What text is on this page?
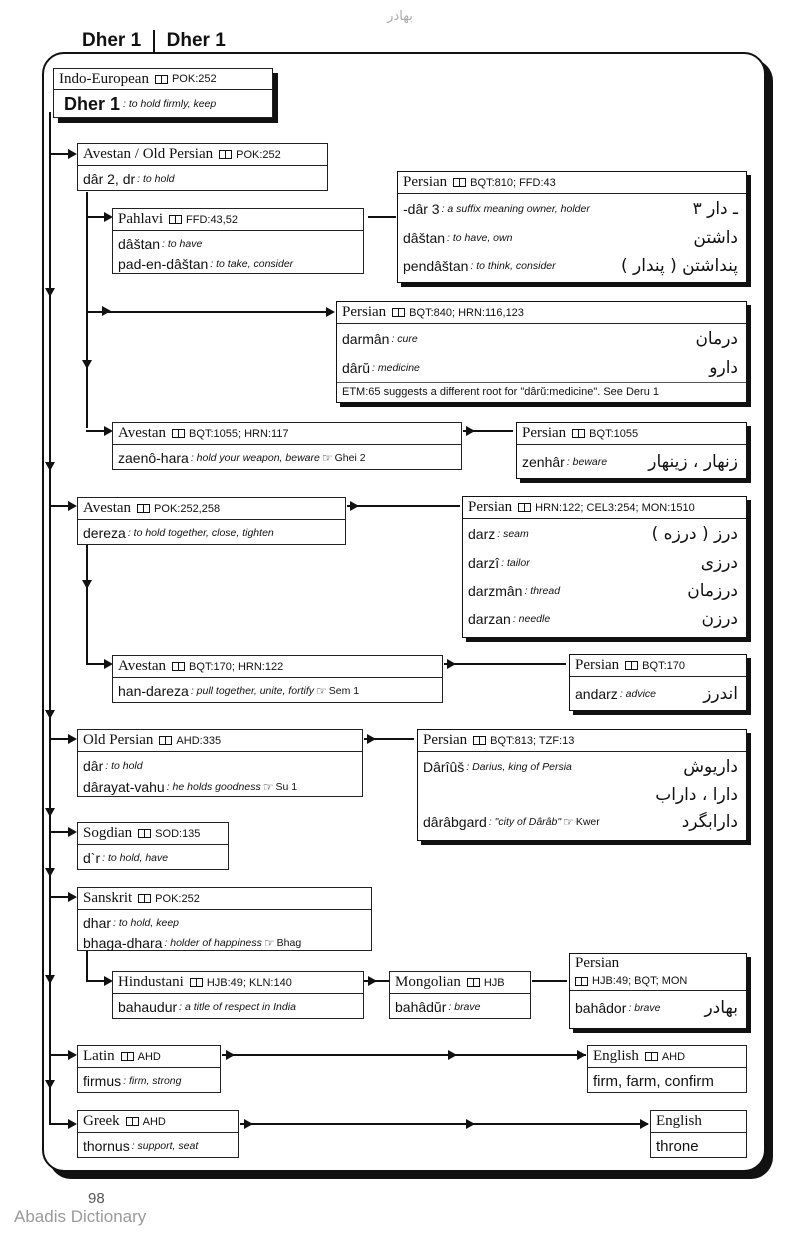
بهادر
Dher 1 Dher 1
Indo-European POK:252
Dher 1 : to hold firmly, keep
Avestan / Old Persian POK:252
dâr 2, dr : to hold
Pahlavi FFD:43,52
dâštan : to have
pad-en-dâštan : to take, consider
Persian BQT:810; FFD:43
-dâr 3 : a suffix meaning owner, holder	ـ دار ۳
dâštan : to have, own	داشتن
pendâštan : to think, consider	پنداشتن ( پندار )
Persian BQT:840; HRN:116,123
darmân : cure	درمان
dârŭ : medicine	دارو
ETM:65 suggests a different root for "dârŭ:medicine". See Deru 1
Avestan BQT:1055; HRN:117
zaenô-hara : hold your weapon, beware ☞ Ghei 2
Persian BQT:1055
zenhâr : beware زنهار ، زینهار
Avestan POK:252,258
dereza : to hold together, close, tighten
Persian HRN:122; CEL3:254; MON:1510
darz : seam	درز ( درزه )
darzî : tailor	درزی
darzmân : thread	درزمان
darzan : needle	درزن
Avestan BQT:170; HRN:122
han-dareza : pull together, unite, fortify ☞ Sem 1
Persian BQT:170
andarz : advice	اندرز
Old Persian AHD:335
dâr : to hold
dârayat-vahu : he holds goodness ☞ Su 1
Persian BQT:813; TZF:13
Dârîûš : Darius, king of Persia	داریوش
دارا ، داراب
dârâbgard : "city of Dârâb" ☞ Kwer	دارابگرد
Sogdian SOD:135
d`r : to hold, have
Sanskrit POK:252
dhar : to hold, keep
bhaga-dhara : holder of happiness ☞ Bhag
Hindustani HJB:49; KLN:140
bahaudur : a title of respect in India
Mongolian HJB
bahâdŭr : brave
Persian
HJB:49; BQT; MON
bahâdor : brave	بهادر
Latin AHD
firmus : firm, strong
English AHD
firm, farm, confirm
Greek AHD
thornus : support, seat
English
throne
98
Abadis Dictionary
